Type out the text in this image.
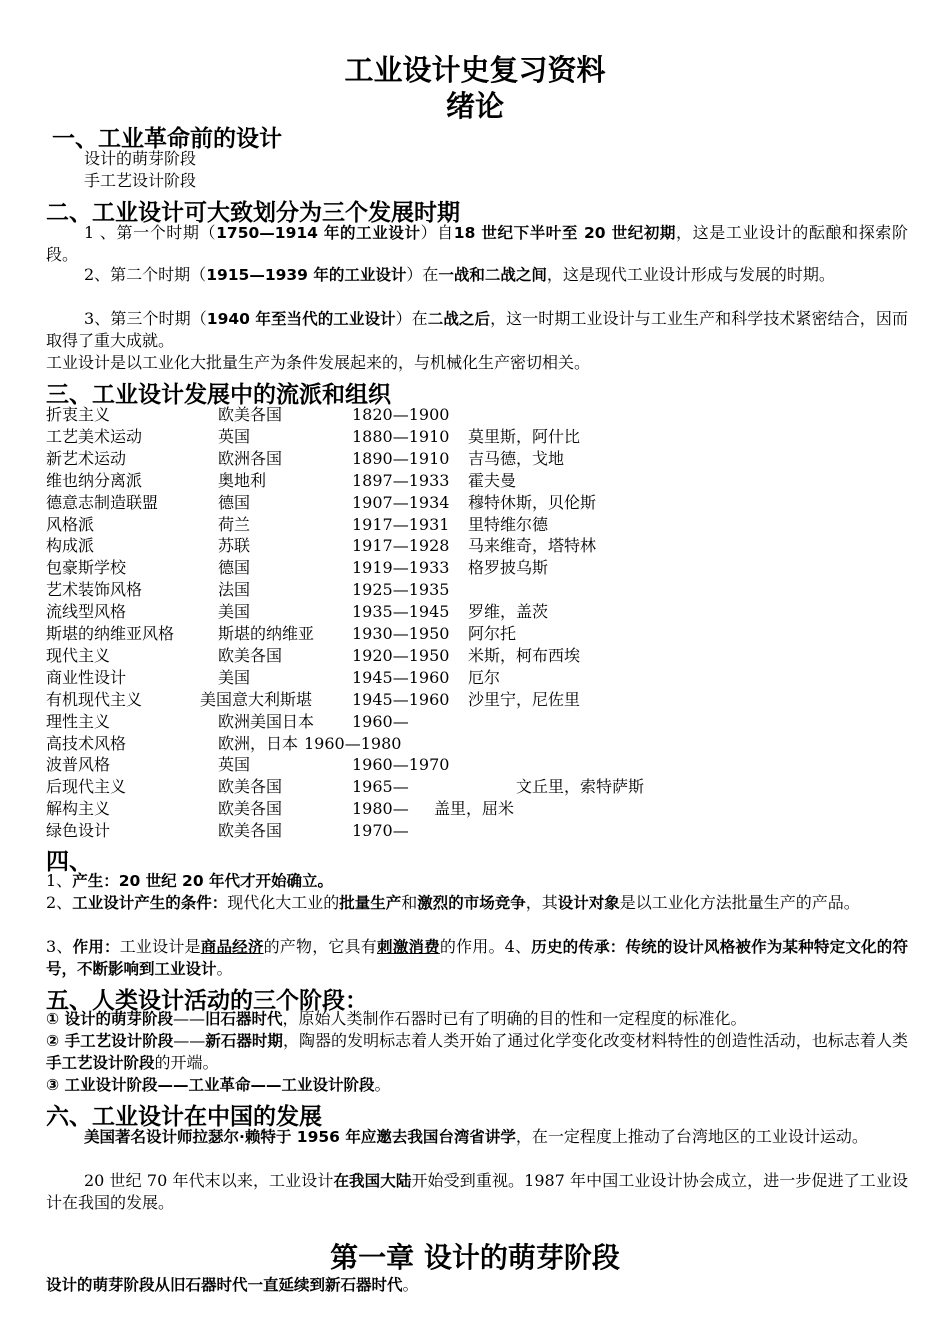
工业设计史复习资料
绪论
一、工业革命前的设计
设计的萌芽阶段
手工艺设计阶段
二、工业设计可大致划分为三个发展时期
1 、第一个时期（1750—1914 年的工业设计）自18 世纪下半叶至 20 世纪初期，这是工业设计的酝酿和探索阶段。
2、第二个时期（1915—1939 年的工业设计）在一战和二战之间，这是现代工业设计形成与发展的时期。
3、第三个时期（1940 年至当代的工业设计）在二战之后，这一时期工业设计与工业生产和科学技术紧密结合，因而取得了重大成就。
工业设计是以工业化大批量生产为条件发展起来的，与机械化生产密切相关。
三、工业设计发展中的流派和组织
折衷主义	欧美各国	1820—1900
工艺美术运动	英国	1880—1910 莫里斯，阿什比
新艺术运动	欧洲各国	1890—1910 吉马德，戈地
维也纳分离派	奥地利	1897—1933 霍夫曼
德意志制造联盟	德国	1907—1934 穆特休斯，贝伦斯
风格派	荷兰	1917—1931 里特维尔德
构成派	苏联	1917—1928 马来维奇，塔特林
包豪斯学校	德国	1919—1933 格罗披乌斯
艺术装饰风格	法国	1925—1935
流线型风格	美国	1935—1945 罗维，盖茨
斯堪的纳维亚风格	斯堪的纳维亚 1930—1950 阿尔托
现代主义	欧美各国	1920—1950 米斯，柯布西埃
商业性设计	美国	1945—1960 厄尔
有机现代主义	美国意大利斯堪 1945—1960 沙里宁，尼佐里
理性主义	欧洲美国日本 1960—
高技术风格	欧洲，日本 1960—1980
波普风格	英国	1960—1970
后现代主义	欧美各国	1965—	文丘里，索特萨斯
解构主义	欧美各国	1980— 盖里，屈米
绿色设计	欧美各国	1970—
四、
1、产生：20 世纪 20 年代才开始确立。
2、工业设计产生的条件：现代化大工业的批量生产和激烈的市场竞争，其设计对象是以工业化方法批量生产的产品。
3、作用：工业设计是商品经济的产物，它具有刺激消费的作用。4、历史的传承：传统的设计风格被作为某种特定文化的符号，不断影响到工业设计。
五、人类设计活动的三个阶段：
① 设计的萌芽阶段——旧石器时代，原始人类制作石器时已有了明确的目的性和一定程度的标准化。
② 手工艺设计阶段——新石器时期，陶器的发明标志着人类开始了通过化学变化改变材料特性的创造性活动，也标志着人类手工艺设计阶段的开端。
③ 工业设计阶段——工业革命——工业设计阶段。
六、工业设计在中国的发展
美国著名设计师拉瑟尔·赖特于 1956 年应邀去我国台湾省讲学，在一定程度上推动了台湾地区的工业设计运动。
20 世纪 70 年代末以来，工业设计在我国大陆开始受到重视。1987 年中国工业设计协会成立，进一步促进了工业设计在我国的发展。
第一章 设计的萌芽阶段
设计的萌芽阶段从旧石器时代一直延续到新石器时代。
